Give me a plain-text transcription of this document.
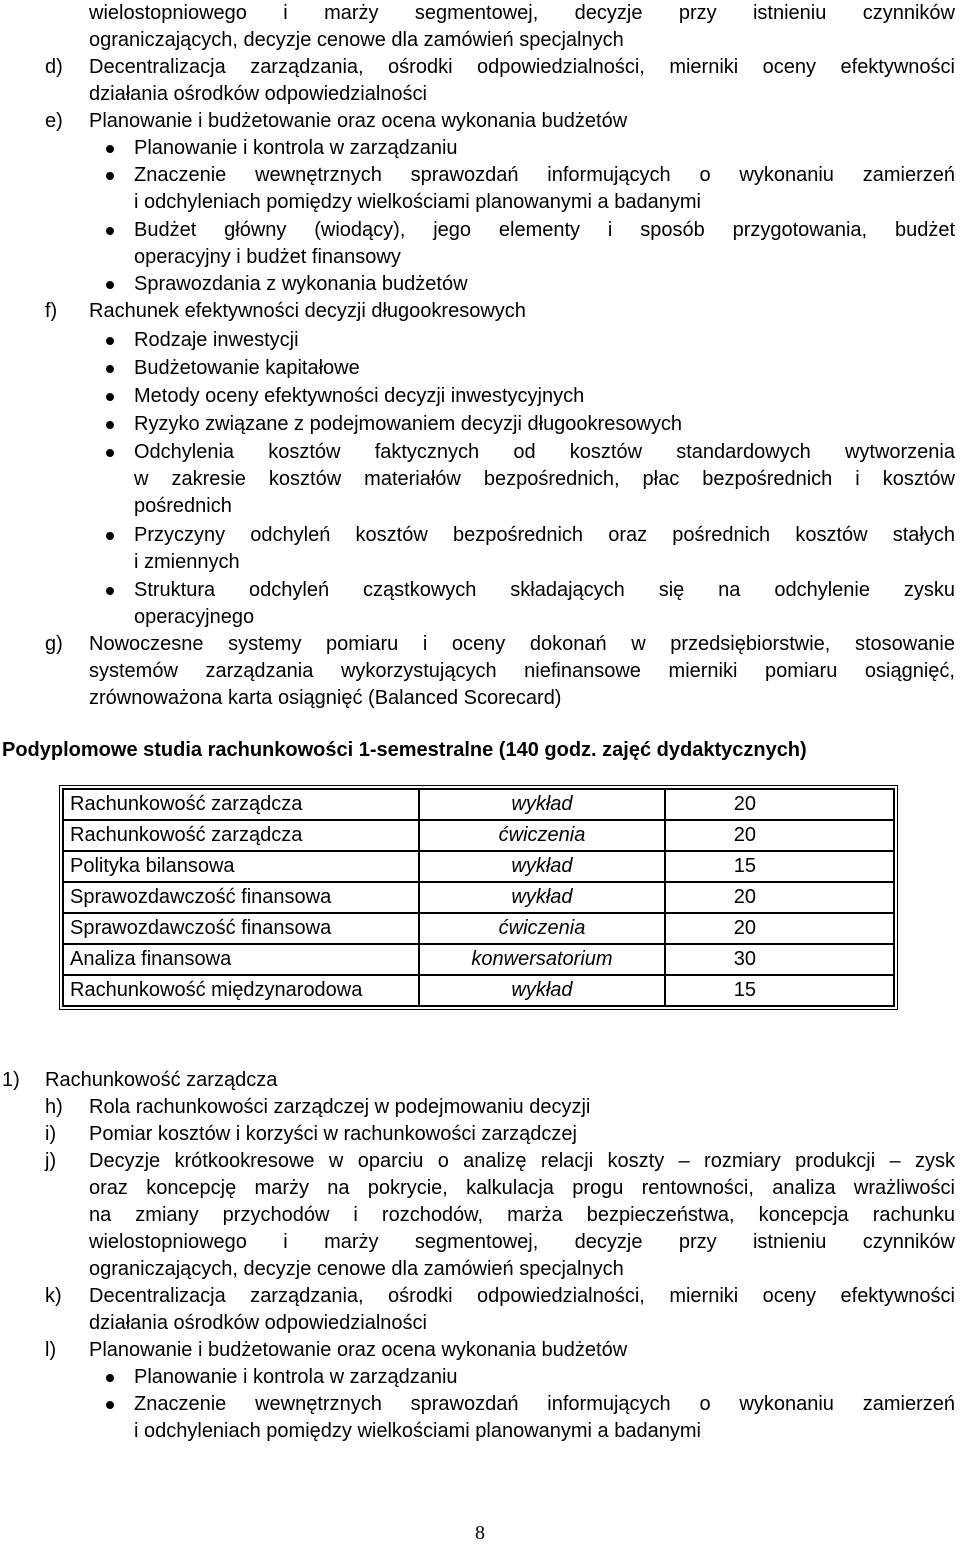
wielostopniowego i marży segmentowej, decyzje przy istnieniu czynników
ograniczających, decyzje cenowe dla zamówień specjalnych
d) Decentralizacja zarządzania, ośrodki odpowiedzialności, mierniki oceny efektywności
działania ośrodków odpowiedzialności
e) Planowanie i budżetowanie oraz ocena wykonania budżetów
Planowanie i kontrola w zarządzaniu
Znaczenie wewnętrznych sprawozdań informujących o wykonaniu zamierzeń
i odchyleniach pomiędzy wielkościami planowanymi a badanymi
Budżet główny (wiodący), jego elementy i sposób przygotowania, budżet
operacyjny i budżet finansowy
Sprawozdania z wykonania budżetów
f) Rachunek efektywności decyzji długookresowych
Rodzaje inwestycji
Budżetowanie kapitałowe
Metody oceny efektywności decyzji inwestycyjnych
Ryzyko związane z podejmowaniem decyzji długookresowych
Odchylenia kosztów faktycznych od kosztów standardowych wytworzenia
w zakresie kosztów materiałów bezpośrednich, płac bezpośrednich i kosztów
pośrednich
Przyczyny odchyleń kosztów bezpośrednich oraz pośrednich kosztów stałych
i zmiennych
Struktura odchyleń cząstkowych składających się na odchylenie zysku
operacyjnego
g) Nowoczesne systemy pomiaru i oceny dokonań w przedsiębiorstwie, stosowanie
systemów zarządzania wykorzystujących niefinansowe mierniki pomiaru osiągnięć,
zrównoważona karta osiągnięć (Balanced Scorecard)
Podyplomowe studia rachunkowości 1-semestralne (140 godz. zajęć dydaktycznych)
Rachunkowość zarządcza	wykład	20
Rachunkowość zarządcza	ćwiczenia	20
Polityka bilansowa	wykład	15
Sprawozdawczość finansowa	wykład	20
Sprawozdawczość finansowa	ćwiczenia	20
Analiza finansowa	konwersatorium	30
Rachunkowość międzynarodowa	wykład	15
1) Rachunkowość zarządcza
h) Rola rachunkowości zarządczej w podejmowaniu decyzji
i) Pomiar kosztów i korzyści w rachunkowości zarządczej
j) Decyzje krótkookresowe w oparciu o analizę relacji koszty – rozmiary produkcji – zysk
oraz koncepcję marży na pokrycie, kalkulacja progu rentowności, analiza wrażliwości
na zmiany przychodów i rozchodów, marża bezpieczeństwa, koncepcja rachunku
wielostopniowego i marży segmentowej, decyzje przy istnieniu czynników
ograniczających, decyzje cenowe dla zamówień specjalnych
k) Decentralizacja zarządzania, ośrodki odpowiedzialności, mierniki oceny efektywności
działania ośrodków odpowiedzialności
l) Planowanie i budżetowanie oraz ocena wykonania budżetów
Planowanie i kontrola w zarządzaniu
Znaczenie wewnętrznych sprawozdań informujących o wykonaniu zamierzeń
i odchyleniach pomiędzy wielkościami planowanymi a badanymi
8
